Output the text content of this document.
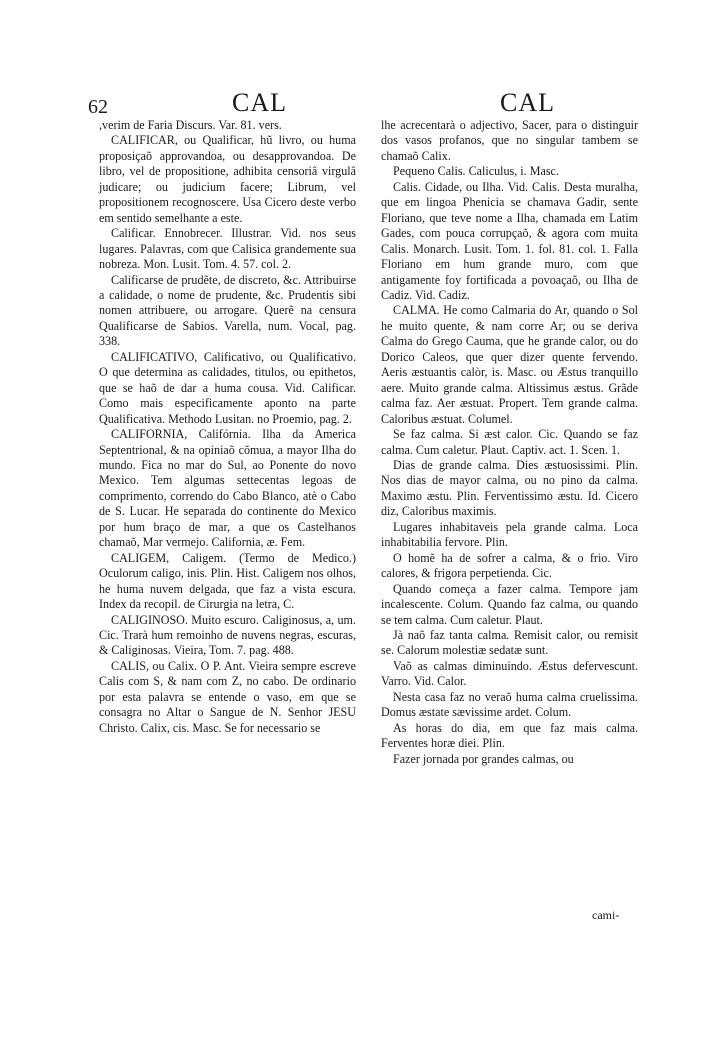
62	CAL	CAL

,verim de Faria Discurs. Var. 81. vers.

CALIFICAR, ou Qualificar, hũ livro, ou huma proposiçaõ approvandoa, ou desapprovandoa. De libro, vel de propositione, adhibita censoriâ virgulâ judicare; ou judicium facere; Librum, vel propositionem recognoscere. Usa Cicero deste verbo em sentido semelhante a este.

Calificar. Ennobrecer. Illustrar. Vid. nos seus lugares. Palavras, com que Calisica grandemente sua nobreza. Mon. Lusit. Tom. 4. 57. col. 2.

Calificarse de prudẽte, de discreto, &c. Attribuirse a calidade, o nome de prudente, &c. Prudentis sibi nomen attribuere, ou arrogare. Querẽ na censura Qualificarse de Sabios. Varella, num. Vocal, pag. 338.

CALIFICATIVO, Calificativo, ou Qualificativo. O que determina as calidades, titulos, ou epithetos, que se haõ de dar a huma cousa. Vid. Calificar. Como mais especificamente aponto na parte Qualificativa. Methodo Lusitan. no Proemio, pag. 2.

CALIFORNIA, Califórnia. Ilha da America Septentrional, & na opiniaõ cõmua, a mayor Ilha do mundo. Fica no mar do Sul, ao Ponente do novo Mexico. Tem algumas settecentas legoas de comprimento, correndo do Cabo Blanco, atè o Cabo de S. Lucar. He separada do continente do Mexico por hum braço de mar, a que os Castelhanos chamaõ, Mar vermejo. California, æ. Fem.

CALIGEM, Caligem. (Termo de Medico.) Oculorum caligo, inis. Plin. Hist. Caligem nos olhos, he huma nuvem delgada, que faz a vista escura. Index da recopil. de Cirurgia na letra, C.

CALIGINOSO. Muito escuro. Caliginosus, a, um. Cic. Trarà hum remoinho de nuvens negras, escuras, & Caliginosas. Vieira, Tom. 7. pag. 488.

CALIS, ou Calix. O P. Ant. Vieira sempre escreve Calis com S, & nam com Z, no cabo. De ordinario por esta palavra se entende o vaso, em que se consagra no Altar o Sangue de N. Senhor JESU Christo. Calix, cis. Masc. Se for necessario se

lhe acrecentarà o adjectivo, Sacer, para o distinguir dos vasos profanos, que no singular tambem se chamaõ Calix.

Pequeno Calis. Caliculus, i. Masc.

Calis. Cidade, ou Ilha. Vid. Calis. Desta muralha, que em lingoa Phenicia se chamava Gadir, sente Floriano, que teve nome a Ilha, chamada em Latim Gades, com pouca corrupçaõ, & agora com muita Calis. Monarch. Lusit. Tom. 1. fol. 81. col. 1. Falla Floriano em hum grande muro, com que antigamente foy fortificada a povoaçaõ, ou Ilha de Cadiz. Vid. Cadiz.

CALMA. He como Calmaria do Ar, quando o Sol he muito quente, & nam corre Ar; ou se deriva Calma do Grego Cauma, que he grande calor, ou do Dorico Caleos, que quer dizer quente fervendo. Aeris æstuantis calòr, is. Masc. ou Æstus tranquillo aere. Muito grande calma. Altissimus æstus. Grãde calma faz. Aer æstuat. Propert. Tem grande calma. Caloribus æstuat. Columel.

Se faz calma. Si æst calor. Cic. Quando se faz calma. Cum caletur. Plaut. Captiv. act. 1. Scen. 1.

Dias de grande calma. Dies æstuosissimi. Plin. Nos dias de mayor calma, ou no pino da calma. Maximo æstu. Plin. Ferventissimo æstu. Id. Cicero diz, Caloribus maximis.

Lugares inhabitaveis pela grande calma. Loca inhabitabilia fervore. Plin.

O homẽ ha de sofrer a calma, & o frio. Viro calores, & frigora perpetienda. Cic.

Quando começa a fazer calma. Tempore jam incalescente. Colum. Quando faz calma, ou quando se tem calma. Cum caletur. Plaut.

Jà naõ faz tanta calma. Remisit calor, ou remisit se. Calorum molestiæ sedatæ sunt.

Vaõ as calmas diminuindo. Æstus defervescunt. Varro. Vid. Calor.

Nesta casa faz no veraõ huma calma cruelissima. Domus æstate sævissime ardet. Colum.

As horas do dia, em que faz mais calma. Ferventes horæ diei. Plin.

Fazer jornada por grandes calmas, ou

cami-
